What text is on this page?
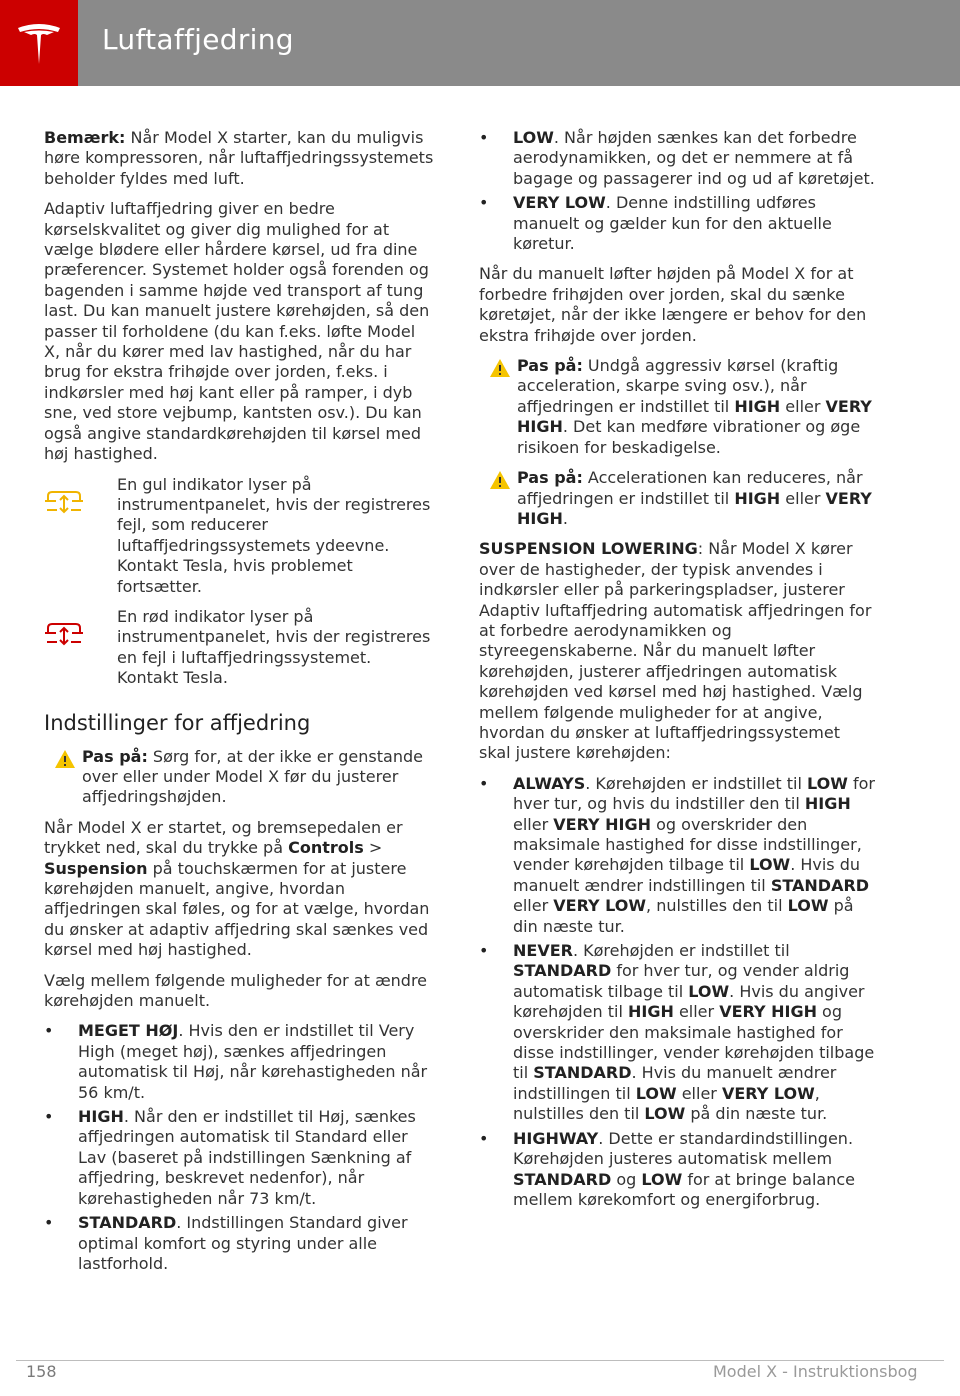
Luftaffjedring

Bemærk: Når Model X starter, kan du muligvis høre kompressoren, når luftaffjedringssystemets beholder fyldes med luft.

Adaptiv luftaffjedring giver en bedre kørselskvalitet og giver dig mulighed for at vælge blødere eller hårdere kørsel, ud fra dine præferencer. Systemet holder også forenden og bagenden i samme højde ved transport af tung last. Du kan manuelt justere kørehøjden, så den passer til forholdene (du kan f.eks. løfte Model X, når du kører med lav hastighed, når du har brug for ekstra frihøjde over jorden, f.eks. i indkørsler med høj kant eller på ramper, i dyb sne, ved store vejbump, kantsten osv.). Du kan også angive standardkørehøjden til kørsel med høj hastighed.

En gul indikator lyser på instrumentpanelet, hvis der registreres fejl, som reducerer luftaffjedringssystemets ydeevne. Kontakt Tesla, hvis problemet fortsætter.
En rød indikator lyser på instrumentpanelet, hvis der registreres en fejl i luftaffjedringssystemet. Kontakt Tesla.
Indstillinger for affjedring
Pas på: Sørg for, at der ikke er genstande over eller under Model X før du justerer affjedringshøjden.

Når Model X er startet, og bremsepedalen er trykket ned, skal du trykke på Controls > Suspension på touchskærmen for at justere kørehøjden manuelt, angive, hvordan affjedringen skal føles, og for at vælge, hvordan du ønsker at adaptiv affjedring skal sænkes ved kørsel med høj hastighed.

Vælg mellem følgende muligheder for at ændre kørehøjden manuelt.

• MEGET HØJ. Hvis den er indstillet til Very High (meget høj), sænkes affjedringen automatisk til Høj, når kørehastigheden når 56 km/t.
• HIGH. Når den er indstillet til Høj, sænkes affjedringen automatisk til Standard eller Lav (baseret på indstillingen Sænkning af affjedring, beskrevet nedenfor), når kørehastigheden når 73 km/t.
• STANDARD. Indstillingen Standard giver optimal komfort og styring under alle lastforhold.
• LOW. Når højden sænkes kan det forbedre aerodynamikken, og det er nemmere at få bagage og passagerer ind og ud af køretøjet.
• VERY LOW. Denne indstilling udføres manuelt og gælder kun for den aktuelle køretur.

Når du manuelt løfter højden på Model X for at forbedre frihøjden over jorden, skal du sænke køretøjet, når der ikke længere er behov for den ekstra frihøjde over jorden.

Pas på: Undgå aggressiv kørsel (kraftig acceleration, skarpe sving osv.), når affjedringen er indstillet til HIGH eller VERY HIGH. Det kan medføre vibrationer og øge risikoen for beskadigelse.
Pas på: Accelerationen kan reduceres, når affjedringen er indstillet til HIGH eller VERY HIGH.

SUSPENSION LOWERING: Når Model X kører over de hastigheder, der typisk anvendes i indkørsler eller på parkeringspladser, justerer Adaptiv luftaffjedring automatisk affjedringen for at forbedre aerodynamikken og styreegenskaberne. Når du manuelt løfter kørehøjden, justerer affjedringen automatisk kørehøjden ved kørsel med høj hastighed. Vælg mellem følgende muligheder for at angive, hvordan du ønsker at luftaffjedringssystemet skal justere kørehøjden:

• ALWAYS. Kørehøjden er indstillet til LOW for hver tur, og hvis du indstiller den til HIGH eller VERY HIGH og overskrider den maksimale hastighed for disse indstillinger, vender kørehøjden tilbage til LOW. Hvis du manuelt ændrer indstillingen til STANDARD eller VERY LOW, nulstilles den til LOW på din næste tur.
• NEVER. Kørehøjden er indstillet til STANDARD for hver tur, og vender aldrig automatisk tilbage til LOW. Hvis du angiver kørehøjden til HIGH eller VERY HIGH og overskrider den maksimale hastighed for disse indstillinger, vender kørehøjden tilbage til STANDARD. Hvis du manuelt ændrer indstillingen til LOW eller VERY LOW, nulstilles den til LOW på din næste tur.
• HIGHWAY. Dette er standardindstillingen. Kørehøjden justeres automatisk mellem STANDARD og LOW for at bringe balance mellem kørekomfort og energiforbrug.
158	Model X - Instruktionsbog
